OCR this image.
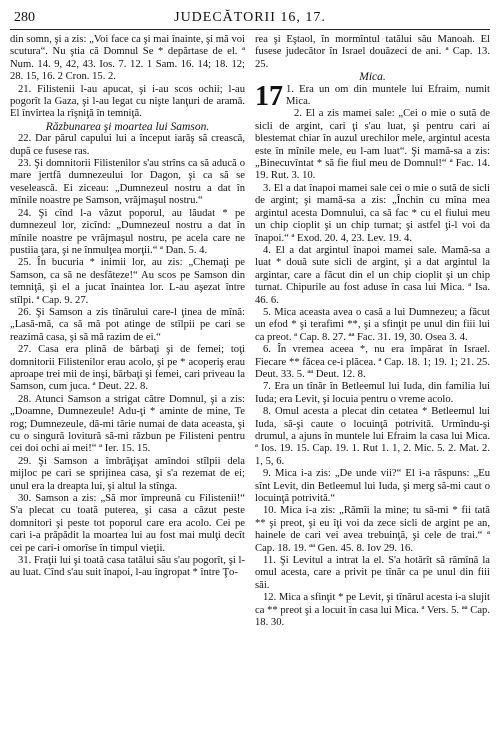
280	JUDECĂTORII 16, 17.

din somn, şi a zis: „Voi face ca şi mai înainte, şi mă voi scutura“. Nu ştia că Domnul Se * depărtase de el. ª Num. 14. 9, 42, 43. Ios. 7. 12. 1 Sam. 16. 14; 18. 12; 28. 15, 16. 2 Cron. 15. 2.

21. Filistenii l-au apucat, şi i-au scos ochii; l-au pogorît la Gaza, şi l-au legat cu nişte lanţuri de aramă. El învîrtea la rîşniţă în temniţă.

Răzbunarea şi moartea lui Samson.

22. Dar părul capului lui a început iarăş să crească, după ce fusese ras.

23. Şi domnitorii Filistenilor s'au strîns ca să aducă o mare jertfă dumnezeului lor Dagon, şi ca să se veselească. Ei ziceau: „Dumnezeul nostru a dat în mînile noastre pe Samson, vrăjmaşul nostru.“

24. Şi cînd l-a văzut poporul, au lăudat * pe dumnezeul lor, zicînd: „Dumnezeul nostru a dat în mînile noastre pe vrăjmaşul nostru, pe acela care ne pustiia ţara, şi ne înmulţea morţii.“ ª Dan. 5. 4.

25. În bucuria * inimii lor, au zis: „Chemaţi pe Samson, ca să ne desfăteze!“ Au scos pe Samson din temniţă, şi el a jucat înaintea lor. L-au aşezat între stîlpi. ª Cap. 9. 27.

26. Şi Samson a zis tînărului care-l ţinea de mînă: „Lasă-mă, ca să mă pot atinge de stîlpii pe cari se reazimă casa, şi să mă razim de ei.“

27. Casa era plină de bărbaţi şi de femei; toţi domnitorii Filistenilor erau acolo, şi pe * acoperiş erau aproape trei mii de inşi, bărbaţi şi femei, cari priveau la Samson, cum juca. ª Deut. 22. 8.

28. Atunci Samson a strigat către Domnul, şi a zis: „Doamne, Dumnezeule! Adu-ţi * aminte de mine, Te rog; Dumnezeule, dă-mi tărie numai de data aceasta, şi cu o singură lovitură să-mi răzbun pe Filisteni pentru cei doi ochi ai mei!“ ª Ier. 15. 15.

29. Şi Samson a îmbrăţişat amîndoi stîlpii dela mijloc pe cari se sprijinea casa, şi s'a rezemat de ei; unul era la dreapta lui, şi altul la stînga.

30. Samson a zis: „Să mor împreună cu Filistenii!“ S'a plecat cu toată puterea, şi casa a căzut peste domnitori şi peste tot poporul care era acolo. Cei pe cari i-a prăpădit la moartea lui au fost mai mulţi decît cei pe cari-i omorîse în timpul vieţii.

31. Fraţii lui şi toată casa tatălui său s'au pogorît, şi l-au luat. Cînd s'au suit înapoi, l-au îngropat * între Ţo-

rea şi Eştaol, în mormîntul tatălui său Manoah. El fusese judecător în Israel douăzeci de ani. ª Cap. 13. 25.

Mica.

17 1. Era un om din muntele lui Efraim, numit Mica.

2. El a zis mamei sale: „Cei o mie o sută de sicli de argint, cari ţi s'au luat, şi pentru cari ai blestemat chiar în auzul urechilor mele, argintul acesta este în mînile mele, eu l-am luat“. Şi mamă-sa a zis: „Binecuvîntat * să fie fiul meu de Domnul!“ ª Fac. 14. 19. Rut. 3. 10.

3. El a dat înapoi mamei sale cei o mie o sută de sicli de argint; şi mamă-sa a zis: „Închin cu mîna mea argintul acesta Domnului, ca să fac * cu el fiului meu un chip cioplit şi un chip turnat; şi astfel ţi-l voi da înapoi.“ ª Exod. 20. 4, 23. Lev. 19. 4.

4. El a dat argintul înapoi mamei sale. Mamă-sa a luat * două sute sicli de argint, şi a dat argintul la argintar, care a făcut din el un chip cioplit şi un chip turnat. Chipurile au fost aduse în casa lui Mica. ª Isa. 46. 6.

5. Mica aceasta avea o casă a lui Dumnezeu; a făcut un efod * şi terafimi **, şi a sfinţit pe unul din fiii lui ca preot. ª Cap. 8. 27. ªª Fac. 31. 19, 30. Osea 3. 4.

6. În vremea aceea *, nu era împărat în Israel. Fiecare ** făcea ce-i plăcea. ª Cap. 18. 1; 19. 1; 21. 25. Deut. 33. 5. ªª Deut. 12. 8.

7. Era un tînăr în Betleemul lui Iuda, din familia lui Iuda; era Levit, şi locuia pentru o vreme acolo.

8. Omul acesta a plecat din cetatea * Betleemul lui Iuda, să-şi caute o locuinţă potrivită. Urmîndu-şi drumul, a ajuns în muntele lui Efraim la casa lui Mica. ª Ios. 19. 15. Cap. 19. 1. Rut 1. 1, 2. Mic. 5. 2. Mat. 2. 1, 5, 6.

9. Mica i-a zis: „De unde vii?“ El i-a răspuns: „Eu sînt Levit, din Betleemul lui Iuda, şi merg să-mi caut o locuinţă potrivită.“

10. Mica i-a zis: „Rămîi la mine; tu să-mi * fii tată ** şi preot, şi eu îţi voi da zece sicli de argint pe an, hainele de cari vei avea trebuinţă, şi cele de trai.“ ª Cap. 18. 19. ªª Gen. 45. 8. Iov 29. 16.

11. Şi Levitul a intrat la el. S'a hotărît să rămînă la omul acesta, care a privit pe tînăr ca pe unul din fiii săi.

12. Mica a sfinţit * pe Levit, şi tînărul acesta i-a slujit ca ** preot şi a locuit în casa lui Mica. ª Vers. 5. ªª Cap. 18. 30.
